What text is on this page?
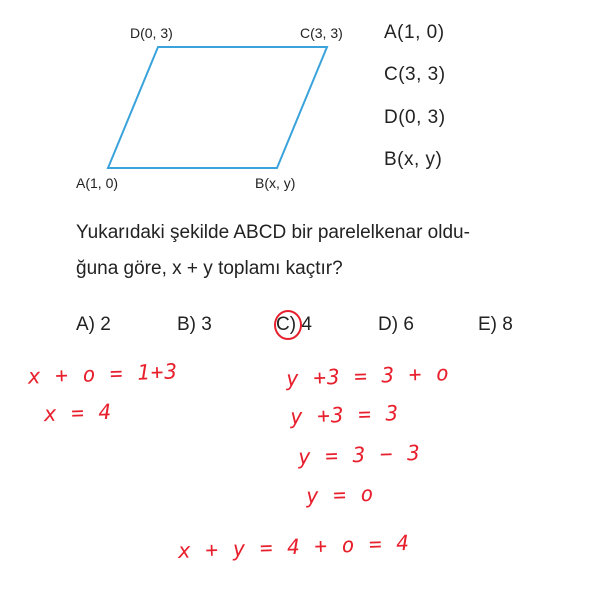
D(0, 3)	C(3, 3)
A(1, 0)	B(x, y)
A(1, 0)
C(3, 3)
D(0, 3)
B(x, y)
Yukarıdaki şekilde ABCD bir parelelkenar oldu-
ğuna göre, x + y toplamı kaçtır?
A) 2	B) 3	C) 4	D) 6	E) 8
x + o = 1+3
x = 4
y +3 = 3 + o
y +3 = 3
y = 3 − 3
y = o
x + y = 4 + o = 4
